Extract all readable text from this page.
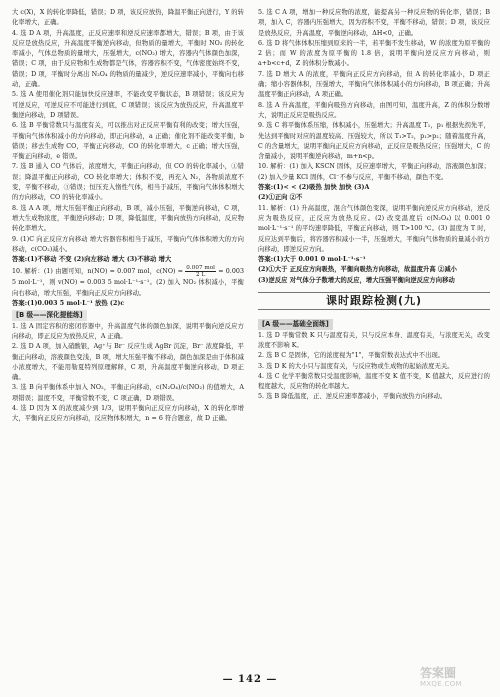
大 c(X)，X 的转化率降低，错误；D 项，该反应放热，降温平衡正向进行，Y 的转化率增大，正确。

4. 选 D A 项，升高温度，正反应速率和逆反应速率都增大，错误；B 项，由于该反应是放热反应，升高温度平衡逆向移动，但物质的量增大，平衡时 NO₂ 的转化率减小，气体总物质的量增大，压强增大，c(NO₂) 增大，容器内气体颜色加深，错误；C 项，由于反应物和生成物都是气体，容器容积不变，气体密度始终不变，错误；D 项，平衡时分离出 N₂O₄ 的物质的量减少，逆反应速率减小，平衡向右移动，正确。

5. 选 A 使用催化剂只能加快反应速率，不能改变平衡状态，B 项错误；该反应为可逆反应，可逆反应不可能进行到底，C 项错误；该反应为放热反应，升高温度平衡逆向移动，D 项错误。

6. 选 B 平衡常数只与温度有关，可以推出对正反应平衡有利的改变；增大压强，平衡向气体体积减小的方向移动，即正向移动，a 正确；催化剂不能改变平衡，b 错误；移去生成物 CO，平衡正向移动，CO 的转化率增大，c 正确；增大压强，平衡正向移动，e 错误。

7. 选 B 通入 CO 气体后，浓度增大，平衡正向移动，但 CO 的转化率减小，①错误；降温平衡正向移动，CO 转化率增大；体积不变，再充入 N₂，各物质浓度不变，平衡不移动，③错误；恒压充入惰性气体，相当于减压，平衡向气体体积增大的方向移动，CO 的转化率减小。

8. 选 A A 项，增大压强平衡正向移动，B 项，减小压强，平衡逆向移动，C 项，增大生成物浓度，平衡逆向移动；D 项，降低温度，平衡向放热方向移动，反应物转化率增大。

9. (1)C 向正反应方向移动 增大容器容积相当于减压，平衡向气体体积增大的方向移动，c(CO₂)减小。

答案:(1)不移动 不变 (2)向左移动 增大 (3)不移动 增大

10. 解析：(1) 由题可知，n(NO) = 0.007 mol，$c(NO) = \frac{\text{0.007 mol}}{2 L} = 0.003$ 5 mol·L⁻¹，则 v(NO) = 0.003 5 mol·L⁻¹·s⁻¹。(2) 加入 NO₂ 体积减小，平衡向右移动，增大压强，平衡向正反应方向移动。

答案:(1)0.003 5 mol·L⁻¹ 放热 (2)c

[B 级——深化提能练]

1. 选 A 固定容积的密闭容器中，升高温度气体的颜色加深，说明平衡向逆反应方向移动，即正反应为放热反应，A 正确。

2. 选 D A 项，加入硝酸银，Ag⁺与 Br⁻ 反应生成 AgBr 沉淀，Br⁻ 浓度降低，平衡正向移动，溶液颜色变浅，B 项，增大压强平衡不移动，颜色加深是由于体积减小浓度增大，不能用勒夏特列原理解释，C 项，升高温度平衡逆向移动，D 项正确。

3. 选 B 向平衡体系中加入 NO₂，平衡正向移动，c(N₂O₄)/c(NO₂) 的值增大，A 项错误；温度不变，平衡常数不变，C 项正确，D 项错误。

4. 选 D 因为 X 的浓度减少到 1/3，说明平衡向正反应方向移动，X 的转化率增大，平衡向正反应方向移动，反应物体积增大，n = 6 符合题意，故 D 正确。

5. 选 C A 项，增加一种反应物的浓度，能提高另一种反应物的转化率，错误；B 项，加入 C，容器内压强增大，因为容积不变，平衡不移动，错误；D 项，该反应是放热反应，升高温度，平衡逆向移动，ΔH<0，正确。

6. 选 D 将气体体积压缩到原来的一半，若平衡不发生移动，W 的浓度为原平衡的 2 倍；而 W 的浓度为原平衡的 1.8 倍，说明平衡向逆反应方向移动，则 a+b<c+d，Z 的体积分数减小。

7. 选 D 增大 A 的浓度，平衡向正反应方向移动，但 A 的转化率减小，D 项正确；缩小容器体积，压强增大，平衡向气体体积减小的方向移动，B 项正确；升高温度平衡正向移动，A 项正确。

8. 选 A 升高温度，平衡向吸热方向移动，由图可知，温度升高，Z 的体积分数增大，说明正反应是吸热反应。

9. 选 C 将平衡体系压缩，体积减小，压强增大；升高温度 T₁，p₁ 根据先拐先平，先达到平衡时对应的温度较高、压强较大，所以 T₁>T₂，p₁>p₂；随着温度升高，C 的含量增大，说明平衡向正反应方向移动，正反应是吸热反应；压强增大，C 的含量减小，说明平衡逆向移动，m+n<p。

10. 解析：(1) 加入 KSCN 固体，反应速率增大，平衡正向移动，溶液颜色加深；(2) 加入少量 KCl 固体，Cl⁻不参与反应，平衡不移动，颜色不变。

答案:(1)< < (2)吸热 加快 加快 (3)A

(2)①正向 ②不

11. 解析：(1) 升高温度，混合气体颜色变深，说明平衡向逆反应方向移动，逆反应为吸热反应，正反应为放热反应。(2) 改变温度后 c(N₂O₄) 以 0.001 0 mol·L⁻¹·s⁻¹ 的平均速率降低，平衡正向移动，则 T>100 ℃。(3) 温度为 T 时，反应达到平衡后，将容器容积减小一半，压强增大，平衡向气体物质的量减小的方向移动，即逆反应方向。

答案:(1)大于 0.001 0 mol·L⁻¹·s⁻¹

(2)①大于 正反应方向吸热，平衡向吸热方向移动，故温度升高 ②减小

(3)逆反应 对气体分子数增大的反应，增大压强平衡向逆反应方向移动

课时跟踪检测(九)
[A 级——基础全面练]

1. 选 D 平衡常数 K 只与温度有关，只与反应本身、温度有关，与浓度无关，改变浓度不影响 K。

2. 选 B C 是固体，它的浓度视为"1"，平衡常数表达式中不出现。

3. 选 D K 的大小只与温度有关，与反应物或生成物的起始浓度无关。

4. 选 C 化学平衡常数只受温度影响，温度不变 K 值不变，K 值越大，反应进行的程度越大，反应物的转化率越大。

5. 选 B 降低温度，正、逆反应速率都减小，平衡向放热方向移动。

— 142 —	答案圈
MXQE.COM
